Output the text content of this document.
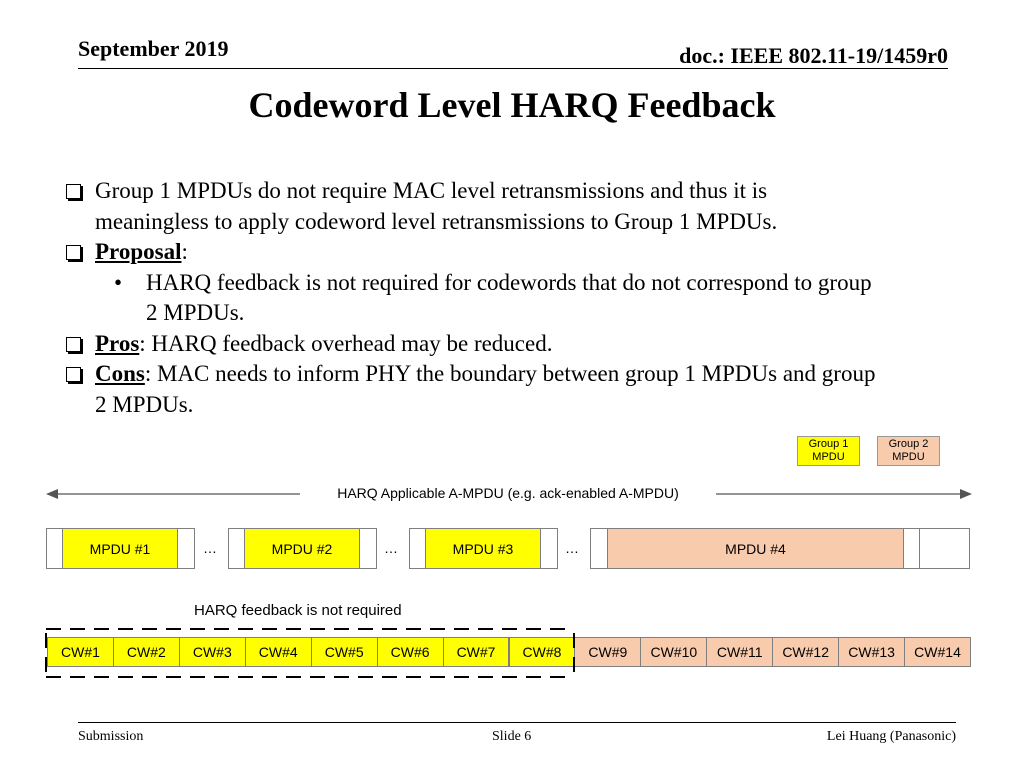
September 2019	doc.: IEEE 802.11-19/1459r0
Codeword Level HARQ Feedback
Group 1 MPDUs do not require MAC level retransmissions and thus it is
meaningless to apply codeword level retransmissions to Group 1 MPDUs.
Proposal:
• HARQ feedback is not required for codewords that do not correspond to group
2 MPDUs.
Pros: HARQ feedback overhead may be reduced.
Cons: MAC needs to inform PHY the boundary between group 1 MPDUs and group
2 MPDUs.
Group 1
MPDU
Group 2
MPDU
HARQ Applicable A-MPDU (e.g. ack-enabled A-MPDU)
MPDU #1	…	MPDU #2	…	MPDU #3	…	MPDU #4
HARQ feedback is not required
CW#1	CW#2	CW#3	CW#4	CW#5	CW#6	CW#7	CW#8	CW#9	CW#10	CW#11	CW#12	CW#13	CW#14
Submission	Slide 6	Lei Huang (Panasonic)
